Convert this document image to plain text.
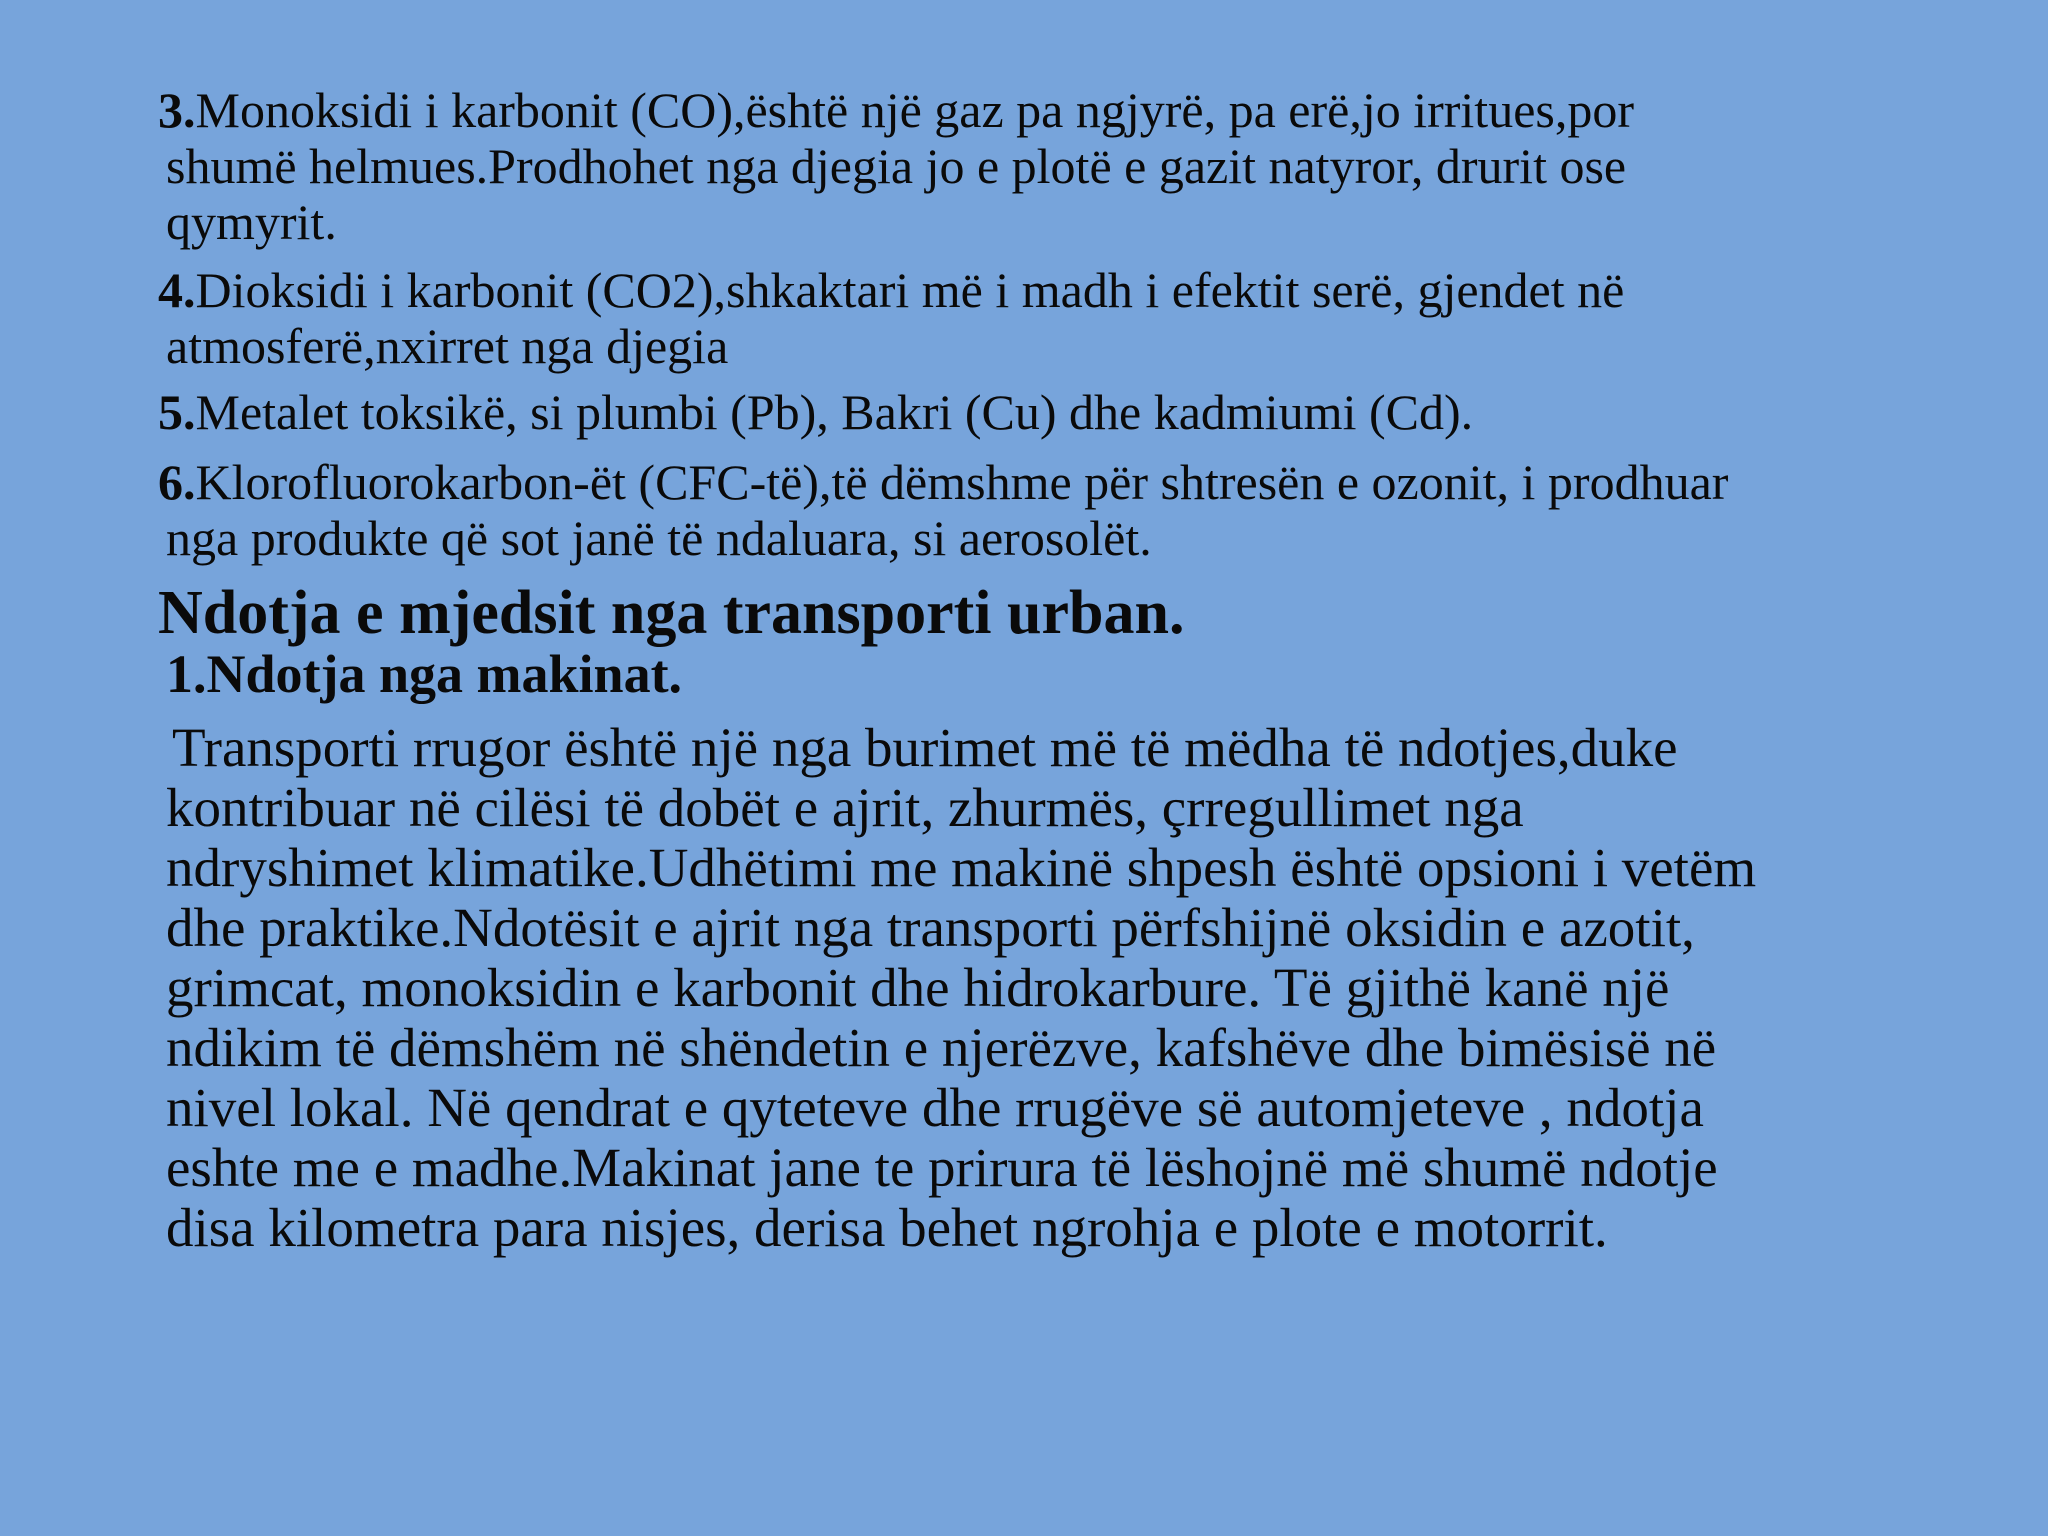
3.Monoksidi i karbonit (CO),është një gaz pa ngjyrë, pa erë,jo irritues,por
shumë helmues.Prodhohet nga djegia jo e plotë e gazit natyror, drurit ose
qymyrit.
4.Dioksidi i karbonit (CO2),shkaktari më i madh i efektit serë, gjendet në
atmosferë,nxirret nga djegia
5.Metalet toksikë, si plumbi (Pb), Bakri (Cu) dhe kadmiumi (Cd).
6.Klorofluorokarbon-ët (CFC-të),të dëmshme për shtresën e ozonit, i prodhuar
nga produkte që sot janë të ndaluara, si aerosolët.
Ndotja e mjedsit nga transporti urban.
1.Ndotja nga makinat.
Transporti rrugor është një nga burimet më të mëdha të ndotjes,duke
kontribuar në cilësi të dobët e ajrit, zhurmës, çrregullimet nga
ndryshimet klimatike.Udhëtimi me makinë shpesh është opsioni i vetëm
dhe praktike.Ndotësit e ajrit nga transporti përfshijnë oksidin e azotit,
grimcat, monoksidin e karbonit dhe hidrokarbure. Të gjithë kanë një
ndikim të dëmshëm në shëndetin e njerëzve, kafshëve dhe bimësisë në
nivel lokal. Në qendrat e qyteteve dhe rrugëve së automjeteve , ndotja
eshte me e madhe.Makinat jane te prirura të lëshojnë më shumë ndotje
disa kilometra para nisjes, derisa behet ngrohja e plote e motorrit.
